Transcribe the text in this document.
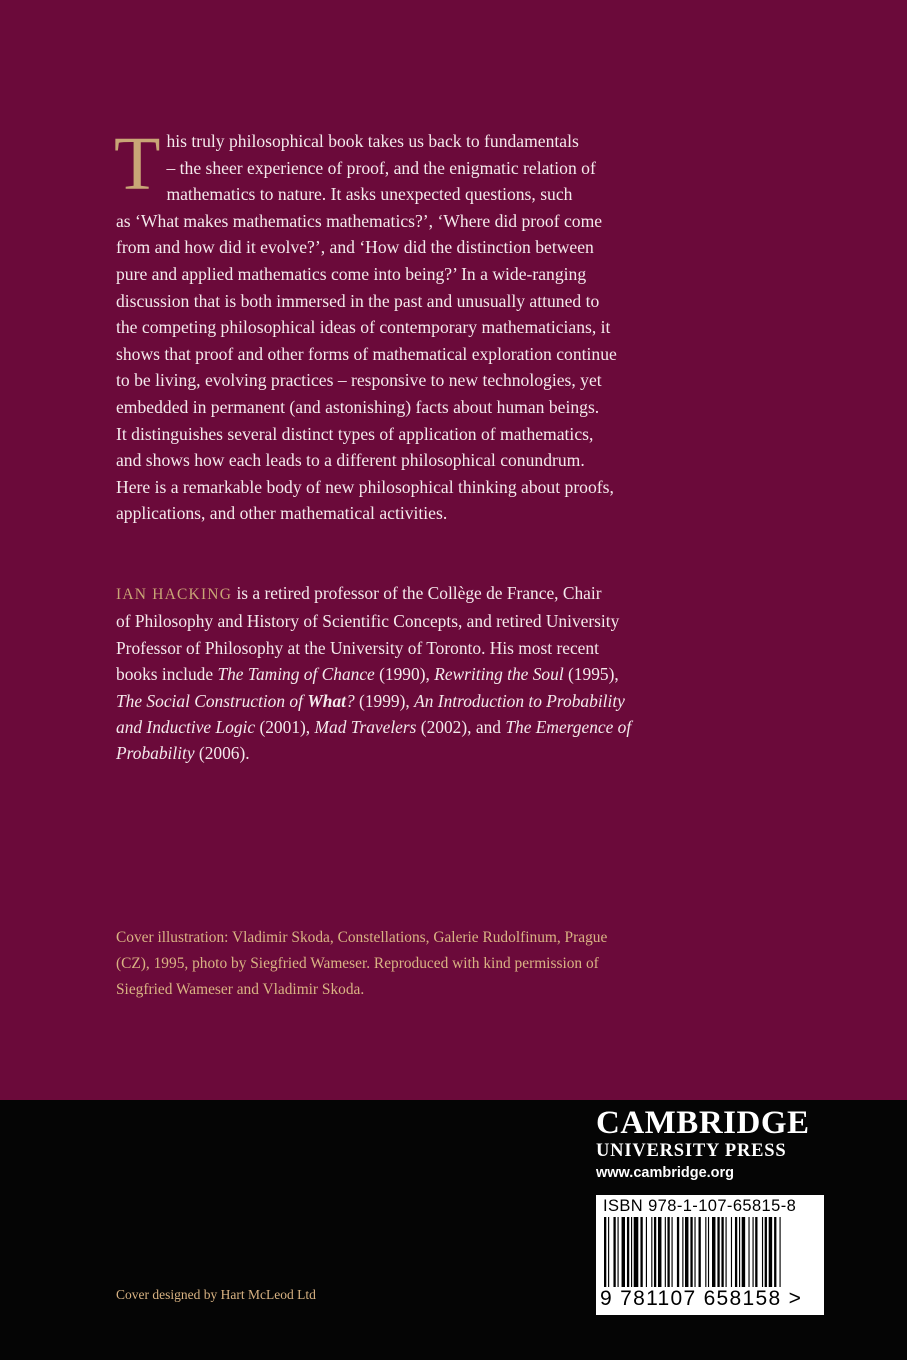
T his truly philosophical book takes us back to fundamentals
– the sheer experience of proof, and the enigmatic relation of
mathematics to nature. It asks unexpected questions, such
as ‘What makes mathematics mathematics?’, ‘Where did proof come
from and how did it evolve?’, and ‘How did the distinction between
pure and applied mathematics come into being?’ In a wide-ranging
discussion that is both immersed in the past and unusually attuned to
the competing philosophical ideas of contemporary mathematicians, it
shows that proof and other forms of mathematical exploration continue
to be living, evolving practices – responsive to new technologies, yet
embedded in permanent (and astonishing) facts about human beings.
It distinguishes several distinct types of application of mathematics,
and shows how each leads to a different philosophical conundrum.
Here is a remarkable body of new philosophical thinking about proofs,
applications, and other mathematical activities.
IAN HACKING is a retired professor of the Collège de France, Chair
of Philosophy and History of Scientific Concepts, and retired University
Professor of Philosophy at the University of Toronto. His most recent
books include The Taming of Chance (1990), Rewriting the Soul (1995),
The Social Construction of What? (1999), An Introduction to Probability
and Inductive Logic (2001), Mad Travelers (2002), and The Emergence of
Probability (2006).
Cover illustration: Vladimir Skoda, Constellations, Galerie Rudolfinum, Prague
(CZ), 1995, photo by Siegfried Wameser. Reproduced with kind permission of
Siegfried Wameser and Vladimir Skoda.
Cover designed by Hart McLeod Ltd
CAMBRIDGE
UNIVERSITY PRESS
www.cambridge.org
ISBN 978-1-107-65815-8
9 781107 658158 >
